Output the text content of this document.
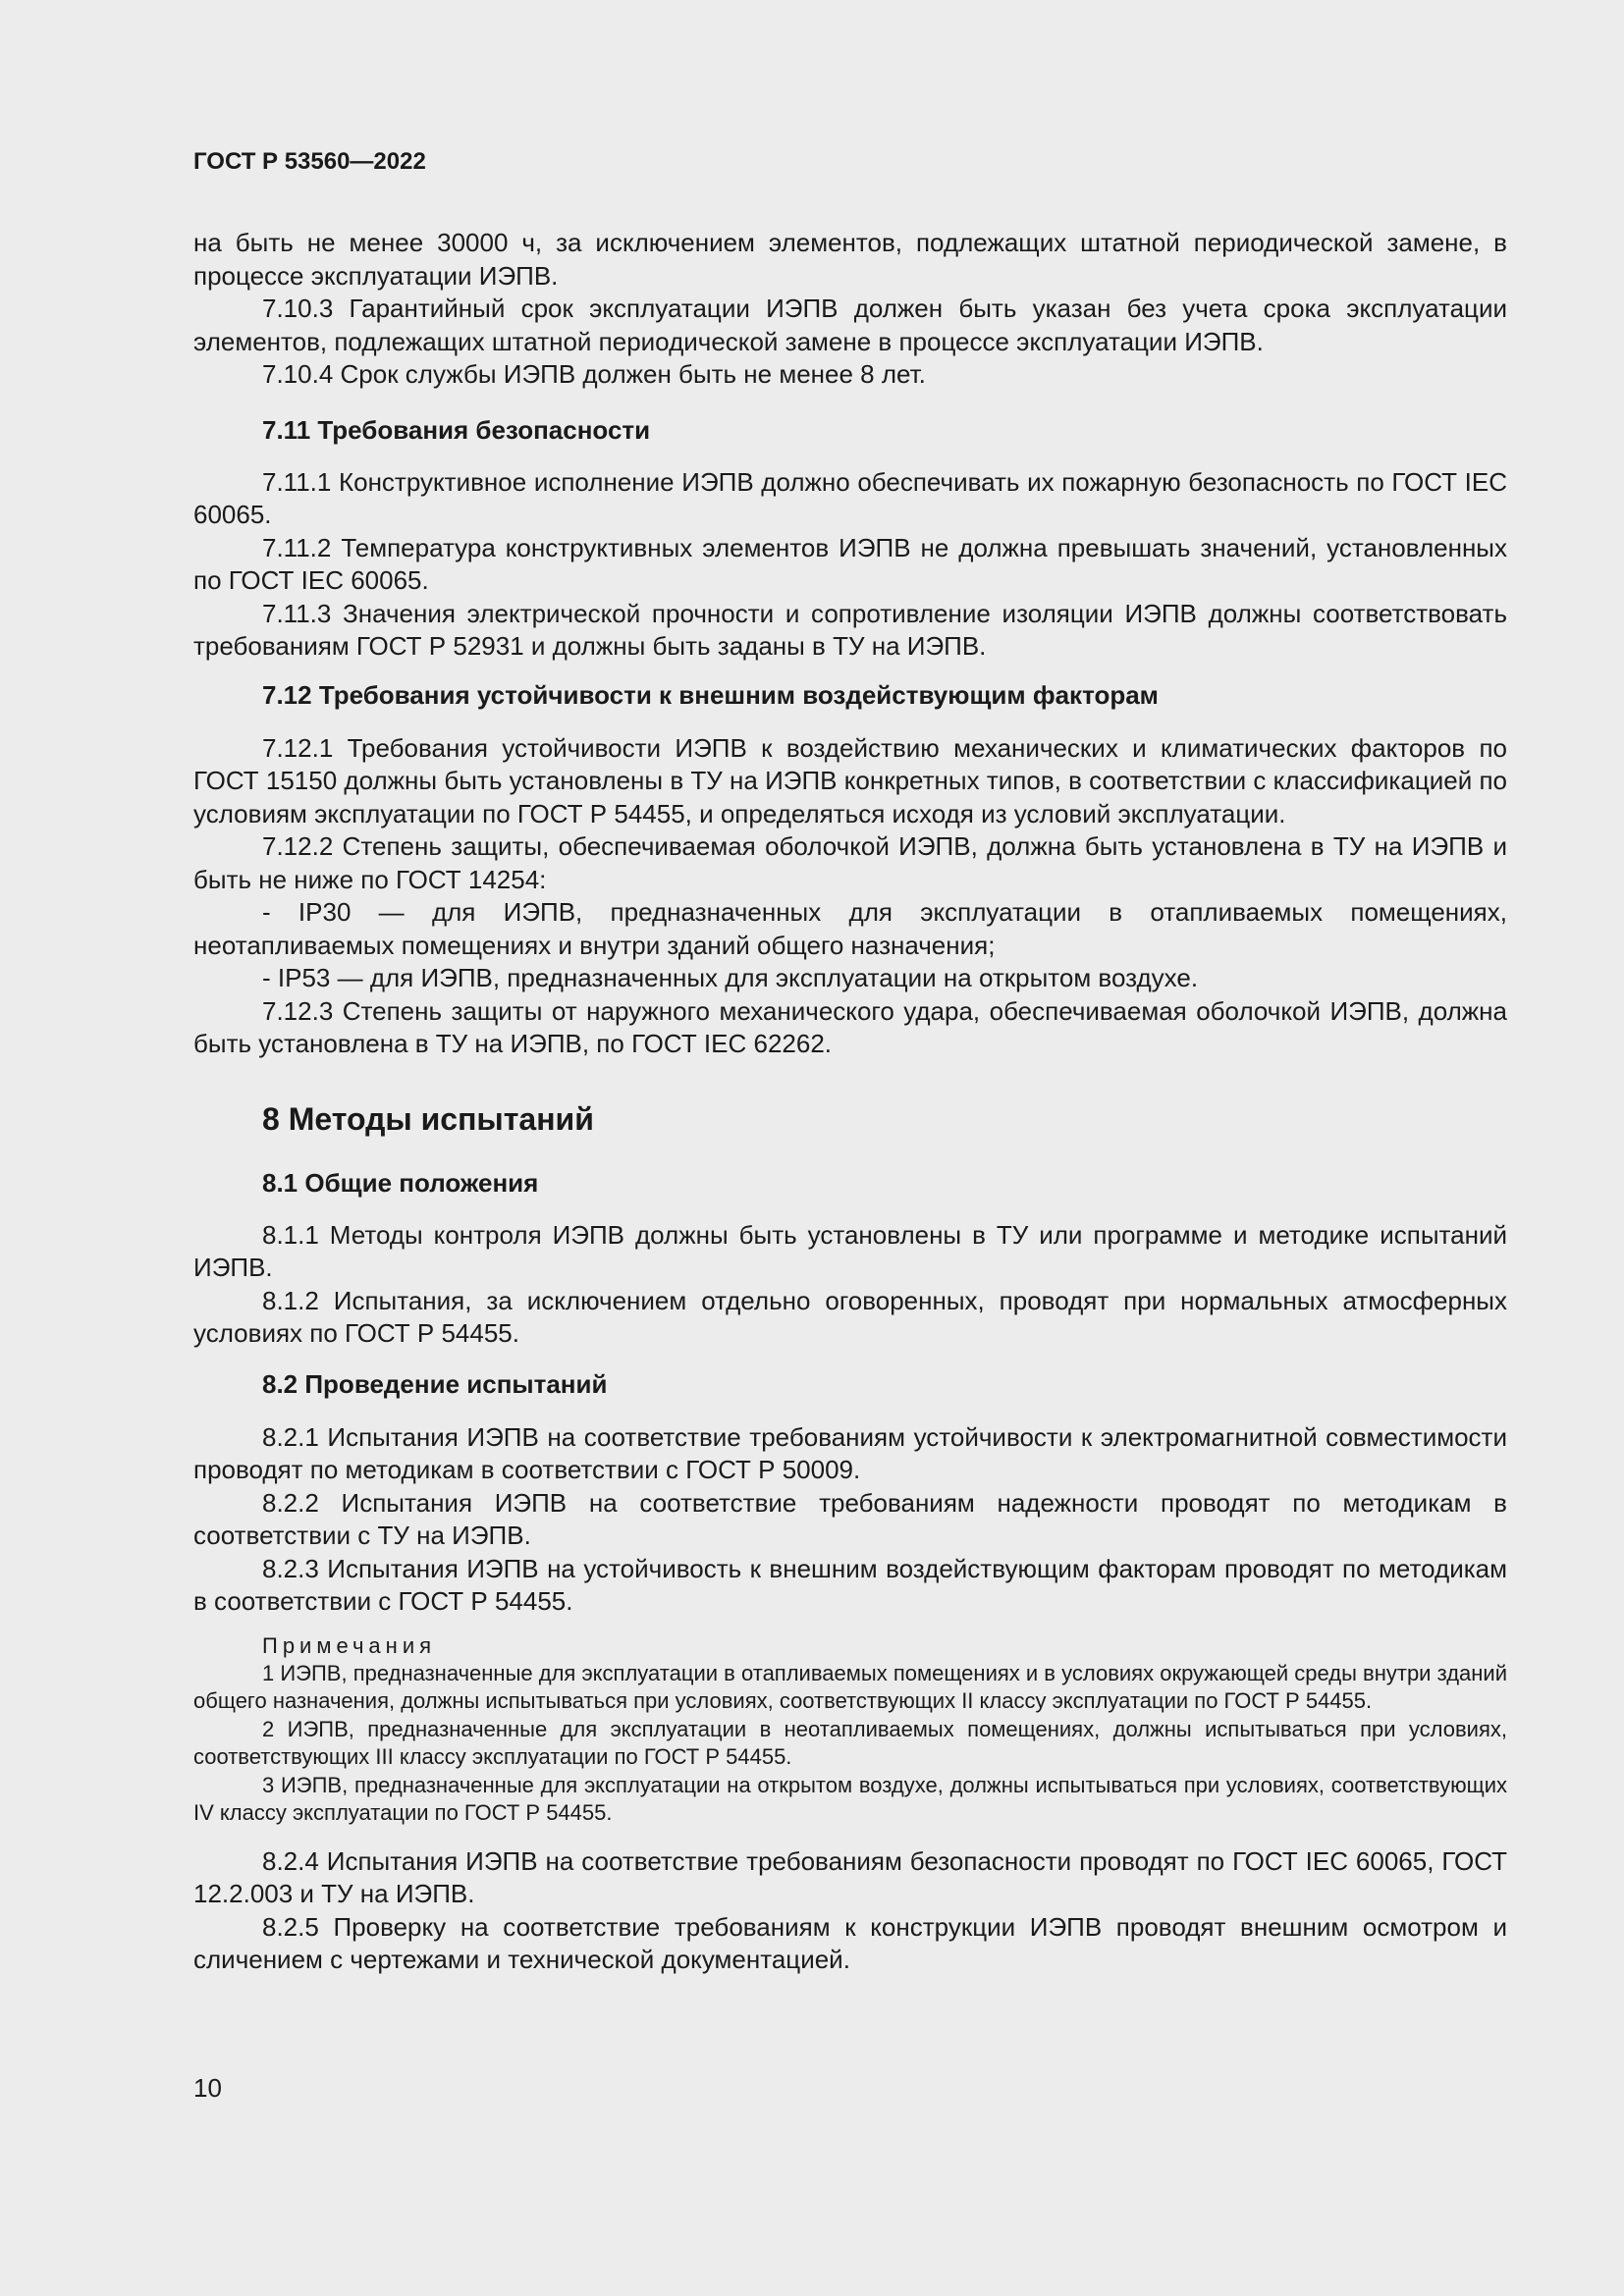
ГОСТ Р 53560—2022

на быть не менее 30000 ч, за исключением элементов, подлежащих штатной периодической замене, в процессе эксплуатации ИЭПВ.

7.10.3 Гарантийный срок эксплуатации ИЭПВ должен быть указан без учета срока эксплуатации элементов, подлежащих штатной периодической замене в процессе эксплуатации ИЭПВ.

7.10.4 Срок службы ИЭПВ должен быть не менее 8 лет.

7.11 Требования безопасности

7.11.1 Конструктивное исполнение ИЭПВ должно обеспечивать их пожарную безопасность по ГОСТ IEC 60065.

7.11.2 Температура конструктивных элементов ИЭПВ не должна превышать значений, установленных по ГОСТ IEC 60065.

7.11.3 Значения электрической прочности и сопротивление изоляции ИЭПВ должны соответствовать требованиям ГОСТ Р 52931 и должны быть заданы в ТУ на ИЭПВ.

7.12 Требования устойчивости к внешним воздействующим факторам

7.12.1 Требования устойчивости ИЭПВ к воздействию механических и климатических факторов по ГОСТ 15150 должны быть установлены в ТУ на ИЭПВ конкретных типов, в соответствии с классификацией по условиям эксплуатации по ГОСТ Р 54455, и определяться исходя из условий эксплуатации.

7.12.2 Степень защиты, обеспечиваемая оболочкой ИЭПВ, должна быть установлена в ТУ на ИЭПВ и быть не ниже по ГОСТ 14254:

- IP30 — для ИЭПВ, предназначенных для эксплуатации в отапливаемых помещениях, неотапливаемых помещениях и внутри зданий общего назначения;

- IP53 — для ИЭПВ, предназначенных для эксплуатации на открытом воздухе.

7.12.3 Степень защиты от наружного механического удара, обеспечиваемая оболочкой ИЭПВ, должна быть установлена в ТУ на ИЭПВ, по ГОСТ IEC 62262.

8 Методы испытаний
8.1 Общие положения

8.1.1 Методы контроля ИЭПВ должны быть установлены в ТУ или программе и методике испытаний ИЭПВ.

8.1.2 Испытания, за исключением отдельно оговоренных, проводят при нормальных атмосферных условиях по ГОСТ Р 54455.

8.2 Проведение испытаний

8.2.1 Испытания ИЭПВ на соответствие требованиям устойчивости к электромагнитной совместимости проводят по методикам в соответствии с ГОСТ Р 50009.

8.2.2 Испытания ИЭПВ на соответствие требованиям надежности проводят по методикам в соответствии с ТУ на ИЭПВ.

8.2.3 Испытания ИЭПВ на устойчивость к внешним воздействующим факторам проводят по методикам в соответствии с ГОСТ Р 54455.

Примечания
1 ИЭПВ, предназначенные для эксплуатации в отапливаемых помещениях и в условиях окружающей среды внутри зданий общего назначения, должны испытываться при условиях, соответствующих II классу эксплуатации по ГОСТ Р 54455.
2 ИЭПВ, предназначенные для эксплуатации в неотапливаемых помещениях, должны испытываться при условиях, соответствующих III классу эксплуатации по ГОСТ Р 54455.
3 ИЭПВ, предназначенные для эксплуатации на открытом воздухе, должны испытываться при условиях, соответствующих IV классу эксплуатации по ГОСТ Р 54455.

8.2.4 Испытания ИЭПВ на соответствие требованиям безопасности проводят по ГОСТ IEC 60065, ГОСТ 12.2.003 и ТУ на ИЭПВ.

8.2.5 Проверку на соответствие требованиям к конструкции ИЭПВ проводят внешним осмотром и сличением с чертежами и технической документацией.

10
